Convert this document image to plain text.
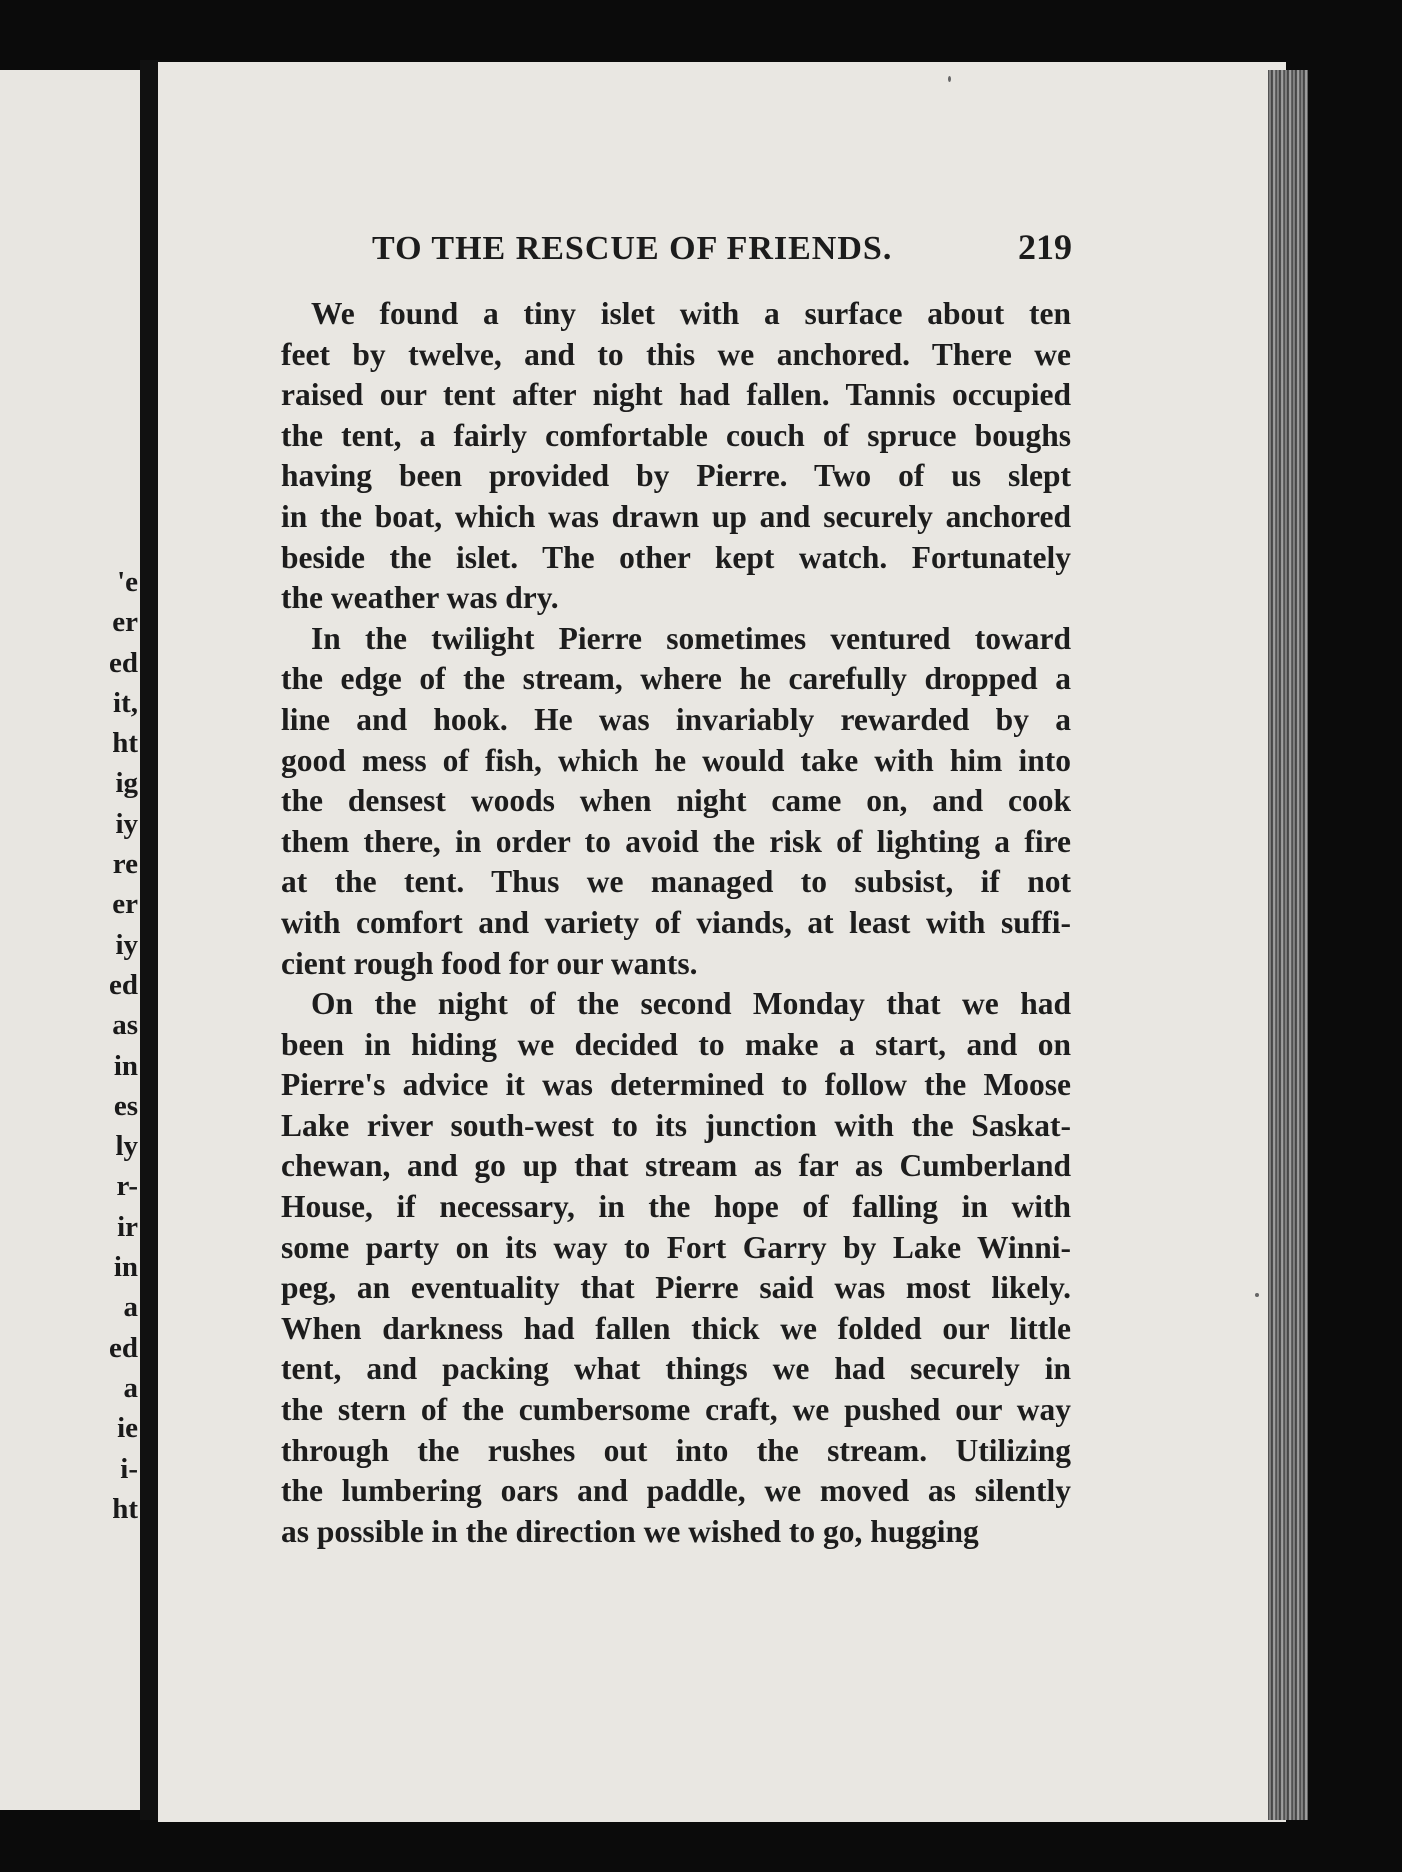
'e
er
ed
it,
ht
ig
iy
re
er
iy
ed
as
in
es
ly
r-
ir
in
a
ed
a
ie
i-
ht
TO THE RESCUE OF FRIENDS.	219
We found a tiny islet with a surface about ten
feet by twelve, and to this we anchored. There we
raised our tent after night had fallen. Tannis occupied
the tent, a fairly comfortable couch of spruce boughs
having been provided by Pierre. Two of us slept
in the boat, which was drawn up and securely anchored
beside the islet. The other kept watch. Fortunately
the weather was dry.
In the twilight Pierre sometimes ventured toward
the edge of the stream, where he carefully dropped a
line and hook. He was invariably rewarded by a
good mess of fish, which he would take with him into
the densest woods when night came on, and cook
them there, in order to avoid the risk of lighting a fire
at the tent. Thus we managed to subsist, if not
with comfort and variety of viands, at least with suffi-
cient rough food for our wants.
On the night of the second Monday that we had
been in hiding we decided to make a start, and on
Pierre's advice it was determined to follow the Moose
Lake river south-west to its junction with the Saskat-
chewan, and go up that stream as far as Cumberland
House, if necessary, in the hope of falling in with
some party on its way to Fort Garry by Lake Winni-
peg, an eventuality that Pierre said was most likely.
When darkness had fallen thick we folded our little
tent, and packing what things we had securely in
the stern of the cumbersome craft, we pushed our way
through the rushes out into the stream. Utilizing
the lumbering oars and paddle, we moved as silently
as possible in the direction we wished to go, hugging
